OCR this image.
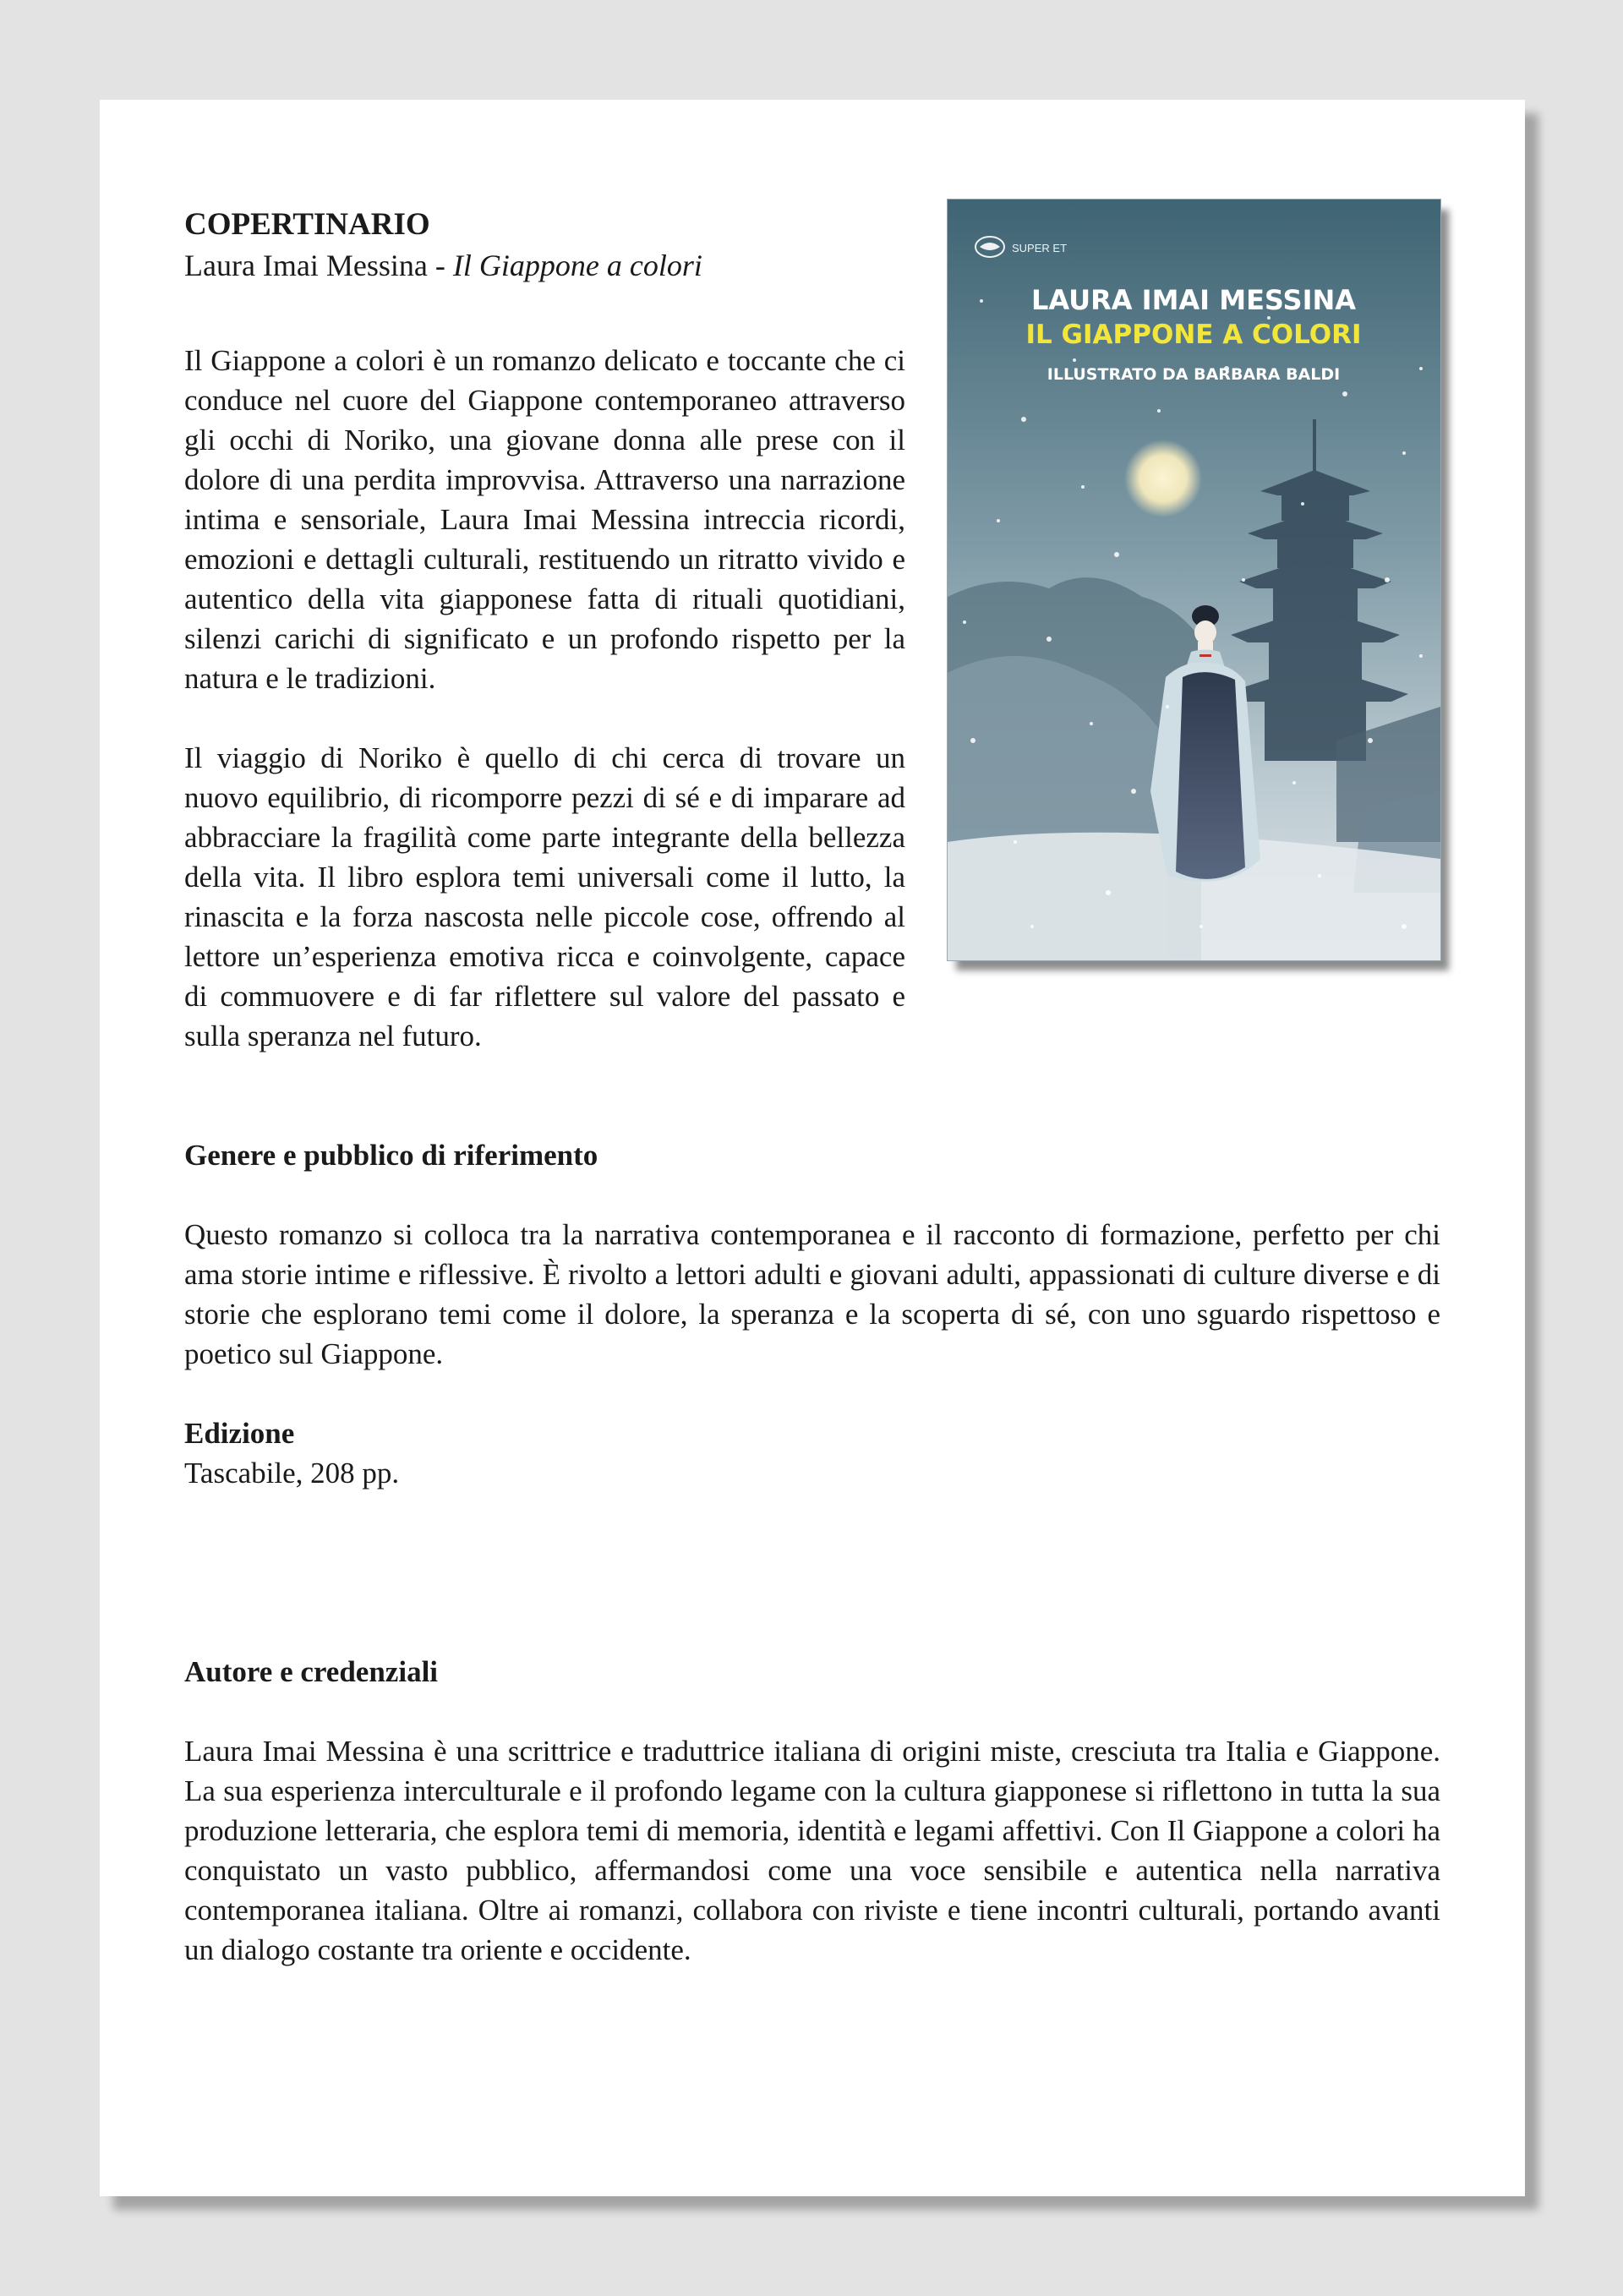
SUPER ET
LAURA IMAI MESSINA
IL GIAPPONE A COLORI
ILLUSTRATO DA BARBARA BALDI
COPERTINARIO

Laura Imai Messina - Il Giappone a colori

Il Giappone a colori è un romanzo delicato e toccante che ci conduce nel cuore del Giappone contemporaneo attraverso gli occhi di Noriko, una giovane donna alle prese con il dolore di una perdita improvvisa. Attraverso una narrazione intima e sensoriale, Laura Imai Messina intreccia ricordi, emozioni e dettagli culturali, restituendo un ritratto vivido e autentico della vita giapponese fatta di rituali quotidiani, silenzi carichi di significato e un profondo rispetto per la natura e le tradizioni.

Il viaggio di Noriko è quello di chi cerca di trovare un nuovo equilibrio, di ricomporre pezzi di sé e di imparare ad abbracciare la fragilità come parte integrante della bellezza della vita. Il libro esplora temi universali come il lutto, la rinascita e la forza nascosta nelle piccole cose, offrendo al lettore un’esperienza emotiva ricca e coinvolgente, capace di commuovere e di far riflettere sul valore del passato e sulla speranza nel futuro.

Genere e pubblico di riferimento

Questo romanzo si colloca tra la narrativa contemporanea e il racconto di formazione, perfetto per chi ama storie intime e riflessive. È rivolto a lettori adulti e giovani adulti, appassionati di culture diverse e di storie che esplorano temi come il dolore, la speranza e la scoperta di sé, con uno sguardo rispettoso e poetico sul Giappone.

Edizione

Tascabile, 208 pp.

Autore e credenziali

Laura Imai Messina è una scrittrice e traduttrice italiana di origini miste, cresciuta tra Italia e Giappone. La sua esperienza interculturale e il profondo legame con la cultura giapponese si riflettono in tutta la sua produzione letteraria, che esplora temi di memoria, identità e legami affettivi. Con Il Giappone a colori ha conquistato un vasto pubblico, affermandosi come una voce sensibile e autentica nella narrativa contemporanea italiana. Oltre ai romanzi, collabora con riviste e tiene incontri culturali, portando avanti un dialogo costante tra oriente e occidente.
